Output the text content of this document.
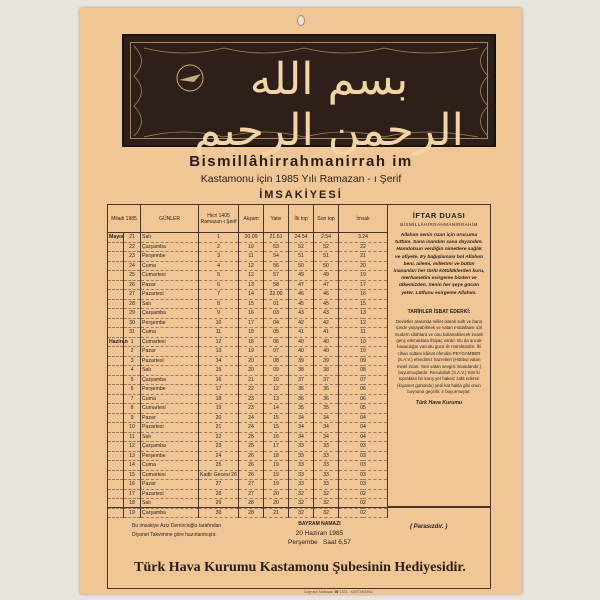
بسم الله الرحمن الرحيم
Bismillâhirrahmanirrah im
Kastamonu için 1985 Yılı Ramazan - ı Şerif
İMSAKİYESİ
Miladi 1985		GÜNLER	Hicri 1405 Ramazan-ı Şerif	Akşam	Yatsı	İlk top	Son top	İmsak
Mayıs	21	Salı	1	20.09	21.51	24.54	2.54	3.24
	22	Çarşamba	2	10	53	52	52	22
	23	Perşembe	3	11	54	51	51	21
	24	Cuma	4	12	56	50	50	20
	25	Cumartesi	5	12	57	49	49	19
	26	Pazar	6	13	58	47	47	17
	27	Pazartesi	7	14	22.00	46	46	16
	28	Salı	8	15	01	45	45	15
	29	Çarşamba	9	16	03	43	43	13
	30	Perşembe	10	17	04	42	42	12
	31	Cuma	11	18	05	41	41	11
Haziran	1	Cumartesi	12	18	06	40	40	10
	2	Pazar	13	19	07	40	40	10
	3	Pazartesi	14	20	08	39	39	09
	4	Salı	15	20	09	38	38	08
	5	Çarşamba	16	21	10	37	37	07
	6	Perşembe	17	22	12	36	36	06
	7	Cuma	18	23	13	36	36	06
	8	Cumartesi	19	23	14	35	35	05
	9	Pazar	20	24	15	34	34	04
	10	Pazartesi	21	24	15	34	34	04
	11	Salı	22	25	16	34	34	04
	12	Çarşamba	23	25	17	33	33	03
	13	Perşembe	24	26	18	33	33	03
	14	Cuma	25	26	19	33	33	03
	15	Cumartesi	Kadir Gecesi 26	26	19	33	33	03
	16	Pazar	27	27	19	33	33	03
	17	Pazartesi	28	27	20	32	32	02
	18	Salı	29	28	20	32	32	02
	19	Çarşamba	30	28	21	32	32	02
İFTAR DUASI
BİSMİLLÂHİRRAHMANİRRAHİM
Allahım senin rızan için orucumu tuttum. Sana inandım sana dayandım. Hamdolsun verdiğin nimetlere sağlık ve afiyete. Ey bağışlaması bol Allahım beni, ailemi, milletimi ve bütün inananları her türlü kötülüklerden koru, merhametini esirgeme bizden ve ülkemizden. Senin her şeye gücün yeter. Lütfunu esirgeme Allahım.
TARİHLER İSBAT EDERKİ:
Devletler arasında millet olarak sulh ve barış içinde yaşayabilmek ve vatan müdafaası için modern silahlara ve onu kullanabilecek imanlı genç elemanlara ihtiyaç vardır. Bu da ancak havacılığın vücudu gücü ile mümkündür. İki cihan sultanı kâinat efendisi PEYGAMBER (S.A.V.) efendimiz hazretleri (Hübbul vatan minel iman. Yani vatan sevgisi imandandır.) buyurmuşlardır. Resulullah (S.A.V.) Kim ki topraktan bir karış yer hakeiz zabt ederse (kıyamet gününde) yedi kat hakla gibi onun boynuna geçirilir. ir buyurmuştur.
Türk Hava Kurumu
Bu imsakiye Aziz Demircioğlu tarafından
Diyanet Takvimine göre hazırlanmıştır.
BAYRAM NAMAZI
20 Haziran 1985
Perşembe Saat 6,57
( Parasızdır. )
Türk Hava Kurumu Kastamonu Şubesinin Hediyesidir.
Doğruyol Matbaası ☎ 1874 - KASTAMONU
